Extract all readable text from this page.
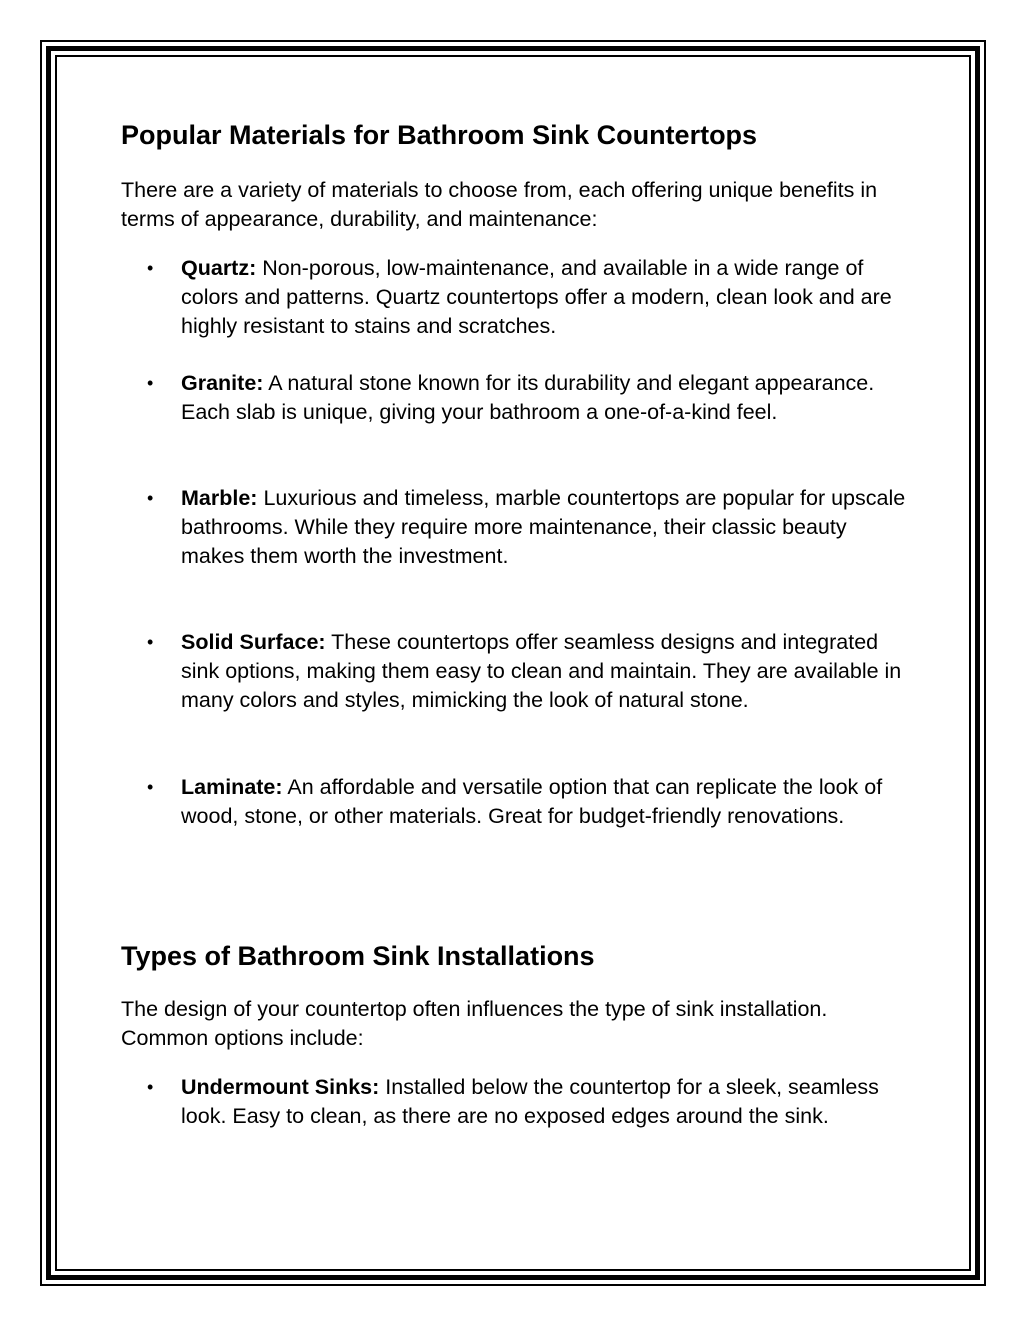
Popular Materials for Bathroom Sink Countertops

There are a variety of materials to choose from, each offering unique benefits in terms of appearance, durability, and maintenance:

• Quartz: Non-porous, low-maintenance, and available in a wide range of colors and patterns. Quartz countertops offer a modern, clean look and are highly resistant to stains and scratches.
• Granite: A natural stone known for its durability and elegant appearance. Each slab is unique, giving your bathroom a one-of-a-kind feel.
• Marble: Luxurious and timeless, marble countertops are popular for upscale bathrooms. While they require more maintenance, their classic beauty makes them worth the investment.
• Solid Surface: These countertops offer seamless designs and integrated sink options, making them easy to clean and maintain. They are available in many colors and styles, mimicking the look of natural stone.
• Laminate: An affordable and versatile option that can replicate the look of wood, stone, or other materials. Great for budget-friendly renovations.
Types of Bathroom Sink Installations

The design of your countertop often influences the type of sink installation. Common options include:

• Undermount Sinks: Installed below the countertop for a sleek, seamless look. Easy to clean, as there are no exposed edges around the sink.
